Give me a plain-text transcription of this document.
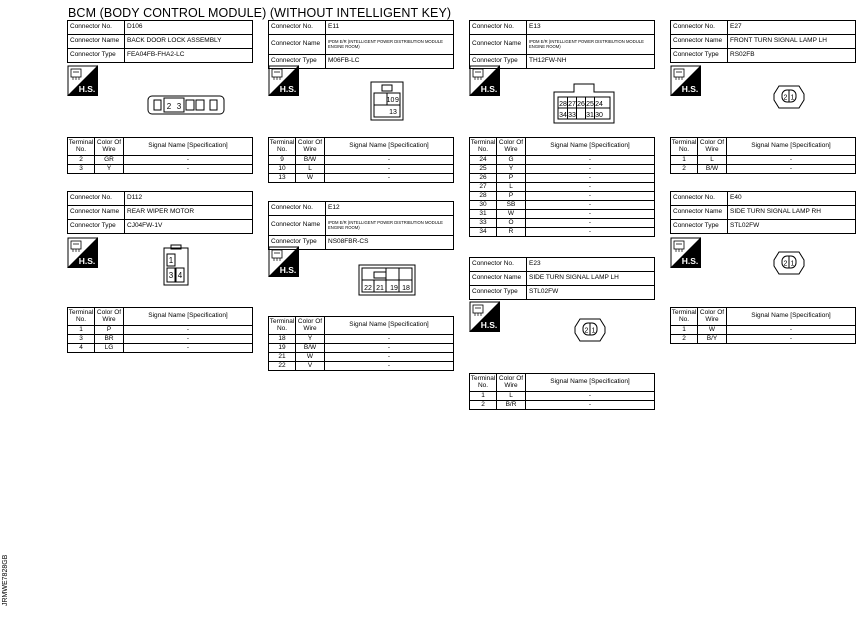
BCM (BODY CONTROL MODULE) (WITHOUT INTELLIGENT KEY)
JRMWE7828GB
Connector No.	D106
Connector Name	BACK DOOR LOCK ASSEMBLY
Connector Type	FEA04FB-FHA2-LC
H.S.
2 3
Terminal No.	Color Of Wire	Signal Name [Specification]
2	GR	-
3	Y	-
Connector No.	E11
Connector Name	IPDM E/R (INTELLIGENT POWER DISTRIBUTION MODULE ENGINE ROOM)
Connector Type	M06FB-LC
H.S.
10 9
13
Terminal No.	Color Of Wire	Signal Name [Specification]
9	B/W	-
10	L	-
13	W	-
Connector No.	E13
Connector Name	IPDM E/R (INTELLIGENT POWER DISTRIBUTION MODULE ENGINE ROOM)
Connector Type	TH12FW-NH
H.S.
28 27 26 25 24
34 33 31 30
Terminal No.	Color Of Wire	Signal Name [Specification]
24	G	-
25	Y	-
26	P	-
27	L	-
28	P	-
30	SB	-
31	W	-
33	O	-
34	R	-
Connector No.	E27
Connector Name	FRONT TURN SIGNAL LAMP LH
Connector Type	RS02FB
H.S.
2 1
Terminal No.	Color Of Wire	Signal Name [Specification]
1	L	-
2	B/W	-
Connector No.	D112
Connector Name	REAR WIPER MOTOR
Connector Type	CJ04FW-1V
H.S.	1
3 4
Terminal No.	Color Of Wire	Signal Name [Specification]
1	P	-
3	BR	-
4	LG	-
Connector No.	E12
Connector Name	IPDM E/R (INTELLIGENT POWER DISTRIBUTION MODULE ENGINE ROOM)
Connector Type	NS08FBR-CS
H.S.
22 21 19 18
Terminal No.	Color Of Wire	Signal Name [Specification]
18	Y	-
19	B/W	-
21	W	-
22	V	-
Connector No.	E23
Connector Name	SIDE TURN SIGNAL LAMP LH
Connector Type	STL02FW
H.S.
2 1
Terminal No.	Color Of Wire	Signal Name [Specification]
1	L	-
2	B/R	-
Connector No.	E40
Connector Name	SIDE TURN SIGNAL LAMP RH
Connector Type	STL02FW
H.S.	2 1
Terminal No.	Color Of Wire	Signal Name [Specification]
1	W	-
2	B/Y	-
